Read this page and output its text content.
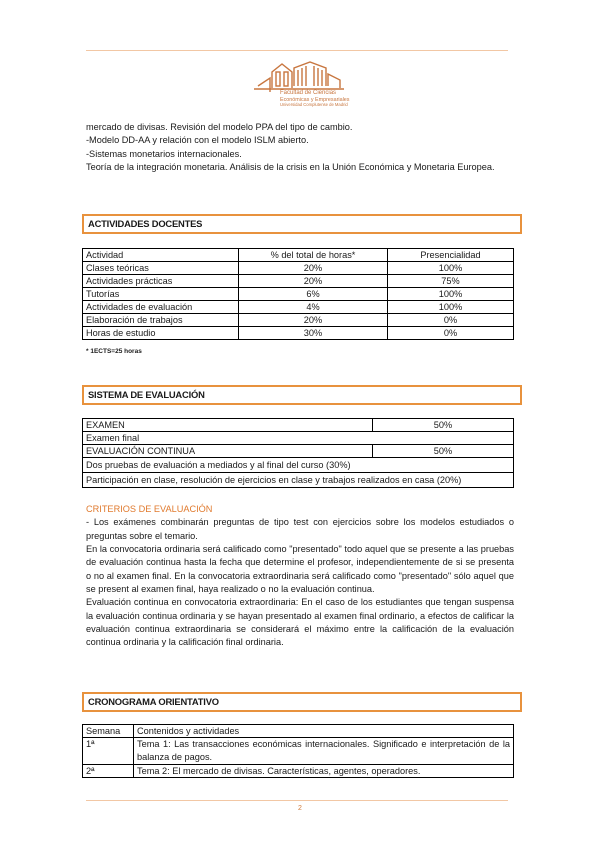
Facultad de Ciencias
Económicas y Empresariales
Universidad Complutense de Madrid

mercado de divisas. Revisión del modelo PPA del tipo de cambio.

-Modelo DD-AA y relación con el modelo ISLM abierto.

-Sistemas monetarios internacionales.

Teoría de la integración monetaria. Análisis de la crisis en la Unión Económica y Monetaria Europea.

ACTIVIDADES DOCENTES
Actividad	% del total de horas*	Presencialidad
Clases teóricas	20%	100%
Actividades prácticas	20%	75%
Tutorías	6%	100%
Actividades de evaluación	4%	100%
Elaboración de trabajos	20%	0%
Horas de estudio	30%	0%
* 1ECTS=25 horas
SISTEMA DE EVALUACIÓN
EXAMEN	50%
Examen final	
EVALUACIÓN CONTINUA	50%
Dos pruebas de evaluación a mediados y al final del curso (30%)	
Participación en clase, resolución de ejercicios en clase y trabajos realizados en casa (20%)	

CRITERIOS DE EVALUACIÓN

- Los exámenes combinarán preguntas de tipo test con ejercicios sobre los modelos estudiados o preguntas sobre el temario.

En la convocatoria ordinaria será calificado como "presentado" todo aquel que se presente a las pruebas de evaluación continua hasta la fecha que determine el profesor, independientemente de si se presenta o no al examen final. En la convocatoria extraordinaria será calificado como "presentado" sólo aquel que se present al examen final, haya realizado o no la evaluación continua.

Evaluación continua en convocatoria extraordinaria: En el caso de los estudiantes que tengan suspensa la evaluación continua ordinaria y se hayan presentado al examen final ordinario, a efectos de calificar la evaluación continua extraordinaria se considerará el máximo entre la calificación de la evaluación continua ordinaria y la calificación final ordinaria.

CRONOGRAMA ORIENTATIVO
Semana	Contenidos y actividades
1ª	Tema 1: Las transacciones económicas internacionales. Significado e interpretación de la balanza de pagos.
2ª	Tema 2: El mercado de divisas. Características, agentes, operadores.
2
